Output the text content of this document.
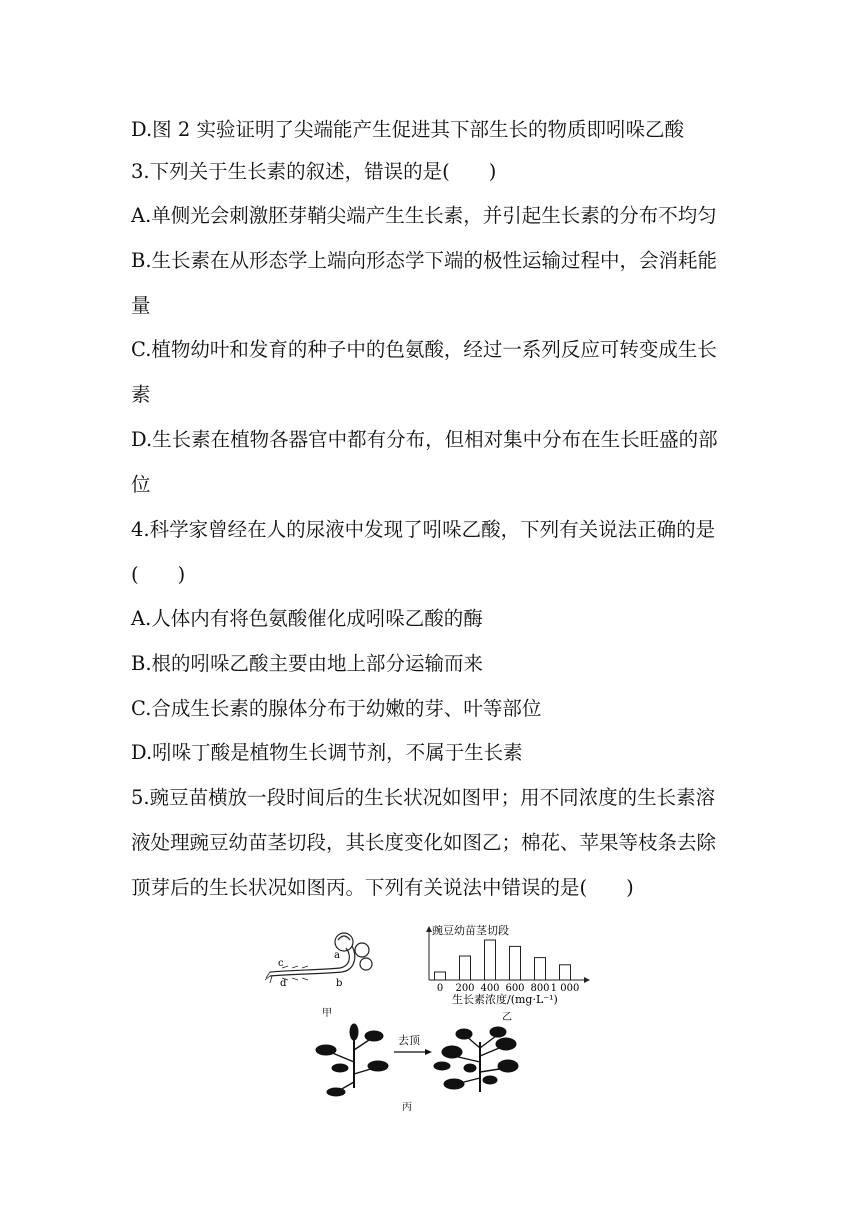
D.图 2 实验证明了尖端能产生促进其下部生长的物质即吲哚乙酸
3.下列关于生长素的叙述，错误的是(　　)
A.单侧光会刺激胚芽鞘尖端产生生长素，并引起生长素的分布不均匀
B.生长素在从形态学上端向形态学下端的极性运输过程中，会消耗能
量
C.植物幼叶和发育的种子中的色氨酸，经过一系列反应可转变成生长
素
D.生长素在植物各器官中都有分布，但相对集中分布在生长旺盛的部
位
4.科学家曾经在人的尿液中发现了吲哚乙酸，下列有关说法正确的是
(　　)
A.人体内有将色氨酸催化成吲哚乙酸的酶
B.根的吲哚乙酸主要由地上部分运输而来
C.合成生长素的腺体分布于幼嫩的芽、叶等部位
D.吲哚丁酸是植物生长调节剂，不属于生长素
5.豌豆苗横放一段时间后的生长状况如图甲；用不同浓度的生长素溶
液处理豌豆幼苗茎切段，其长度变化如图乙；棉花、苹果等枝条去除
顶芽后的生长状况如图丙。下列有关说法中错误的是(　　)
c
a
d	b
甲
豌豆幼苗茎切段
0 200 400 600 800 1 000
生长素浓度/(mg·L⁻¹)
乙
去顶
丙
